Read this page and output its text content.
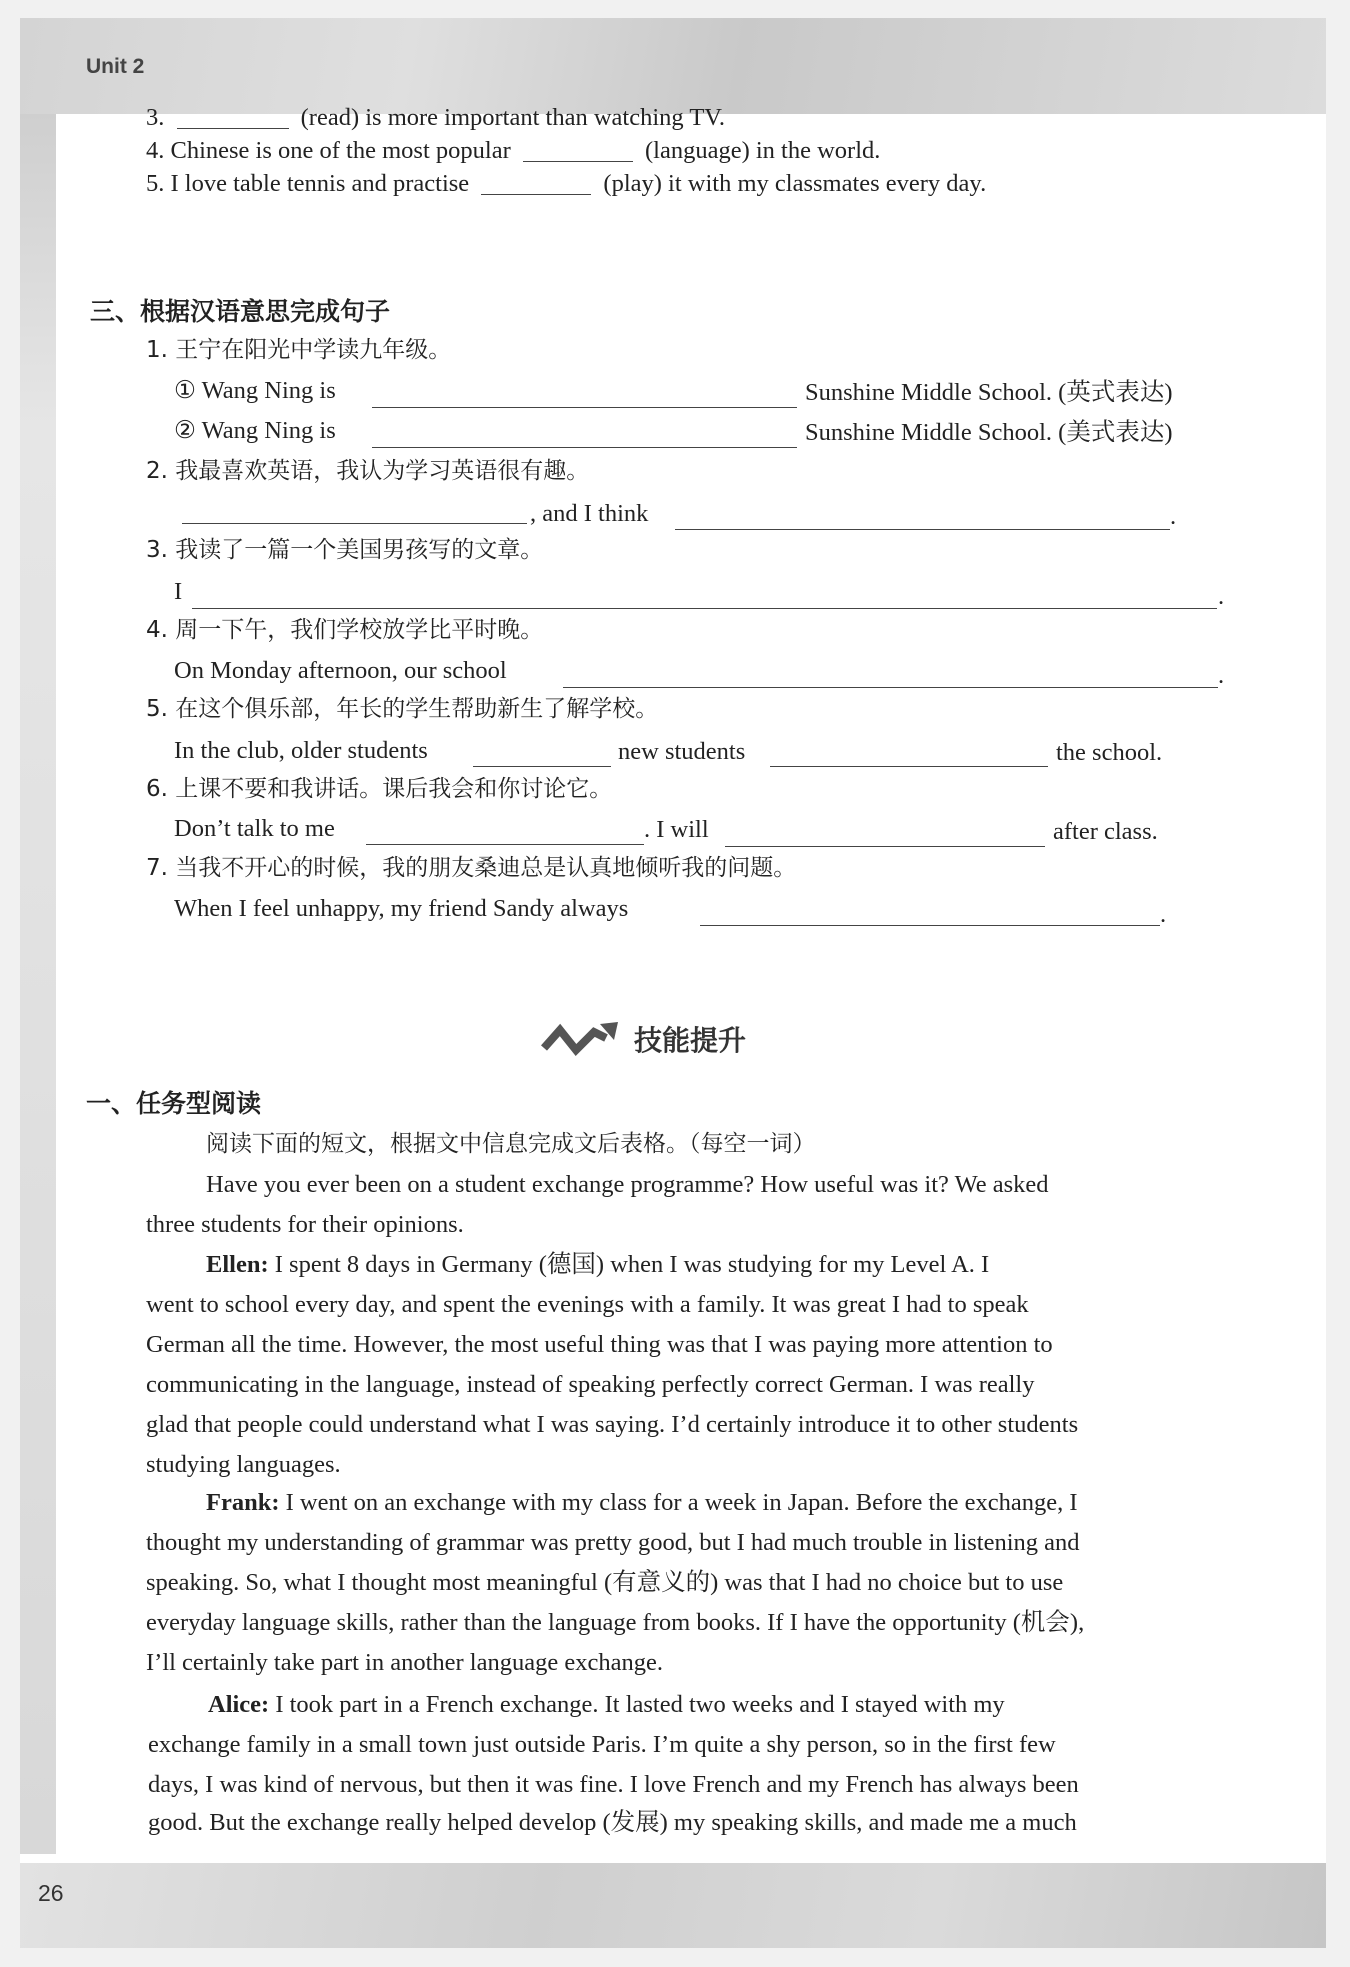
Unit 2
26
3.	(read) is more important than watching TV.
4. Chinese is one of the most popular	(language) in the world.
5. I love table tennis and practise	(play) it with my classmates every day.
三、根据汉语意思完成句子
1. 王宁在阳光中学读九年级。
① Wang Ning is	Sunshine Middle School. (英式表达)
② Wang Ning is	Sunshine Middle School. (美式表达)
2. 我最喜欢英语，我认为学习英语很有趣。
, and I think	.
3. 我读了一篇一个美国男孩写的文章。
I	.
4. 周一下午，我们学校放学比平时晚。
On Monday afternoon, our school	.
5. 在这个俱乐部，年长的学生帮助新生了解学校。
In the club, older students	new students	the school.
6. 上课不要和我讲话。课后我会和你讨论它。
Don’t talk to me	. I will	after class.
7. 当我不开心的时候，我的朋友桑迪总是认真地倾听我的问题。
When I feel unhappy, my friend Sandy always	.
技能提升
一、任务型阅读
阅读下面的短文，根据文中信息完成文后表格。（每空一词）
Have you ever been on a student exchange programme? How useful was it? We asked
three students for their opinions.
Ellen: I spent 8 days in Germany (德国) when I was studying for my Level A. I
went to school every day, and spent the evenings with a family. It was great I had to speak
German all the time. However, the most useful thing was that I was paying more attention to
communicating in the language, instead of speaking perfectly correct German. I was really
glad that people could understand what I was saying. I’d certainly introduce it to other students
studying languages.
Frank: I went on an exchange with my class for a week in Japan. Before the exchange, I
thought my understanding of grammar was pretty good, but I had much trouble in listening and
speaking. So, what I thought most meaningful (有意义的) was that I had no choice but to use
everyday language skills, rather than the language from books. If I have the opportunity (机会),
I’ll certainly take part in another language exchange.
Alice: I took part in a French exchange. It lasted two weeks and I stayed with my
exchange family in a small town just outside Paris. I’m quite a shy person, so in the first few
days, I was kind of nervous, but then it was fine. I love French and my French has always been
good. But the exchange really helped develop (发展) my speaking skills, and made me a much
